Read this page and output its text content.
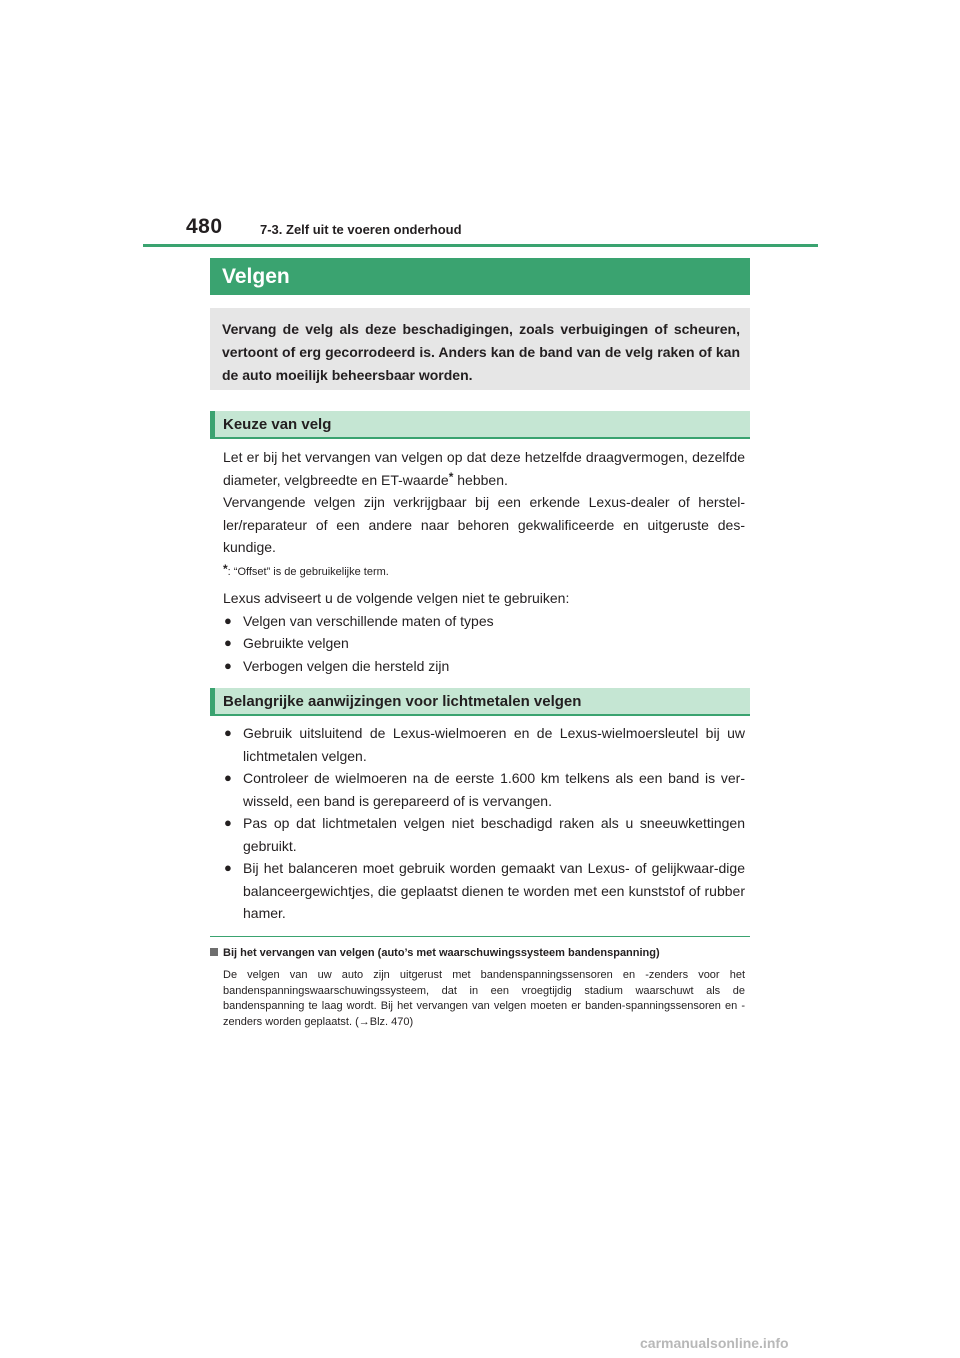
480	7-3. Zelf uit te voeren onderhoud
Velgen
Vervang de velg als deze beschadigingen, zoals verbuigingen of scheuren, vertoont of erg gecorrodeerd is. Anders kan de band van de velg raken of kan de auto moeilijk beheersbaar worden.
Keuze van velg

Let er bij het vervangen van velgen op dat deze hetzelfde draagvermogen, dezelfde diameter, velgbreedte en ET-waarde* hebben.

Vervangende velgen zijn verkrijgbaar bij een erkende Lexus-dealer of herstel-ler/reparateur of een andere naar behoren gekwalificeerde en uitgeruste des-kundige.

*: “Offset” is de gebruikelijke term.

Lexus adviseert u de volgende velgen niet te gebruiken:

● Velgen van verschillende maten of types
● Gebruikte velgen
● Verbogen velgen die hersteld zijn
Belangrijke aanwijzingen voor lichtmetalen velgen
● Gebruik uitsluitend de Lexus-wielmoeren en de Lexus-wielmoersleutel bij uw lichtmetalen velgen.
● Controleer de wielmoeren na de eerste 1.600 km telkens als een band is ver-wisseld, een band is gerepareerd of is vervangen.
● Pas op dat lichtmetalen velgen niet beschadigd raken als u sneeuwkettingen gebruikt.
● Bij het balanceren moet gebruik worden gemaakt van Lexus- of gelijkwaar-dige balanceergewichtjes, die geplaatst dienen te worden met een kunststof of rubber hamer.
Bij het vervangen van velgen (auto’s met waarschuwingssysteem bandenspanning)
De velgen van uw auto zijn uitgerust met bandenspanningssensoren en -zenders voor het bandenspanningswaarschuwingssysteem, dat in een vroegtijdig stadium waarschuwt als de bandenspanning te laag wordt. Bij het vervangen van velgen moeten er banden-spanningssensoren en -zenders worden geplaatst. (→Blz. 470)
carmanualsonline.info
